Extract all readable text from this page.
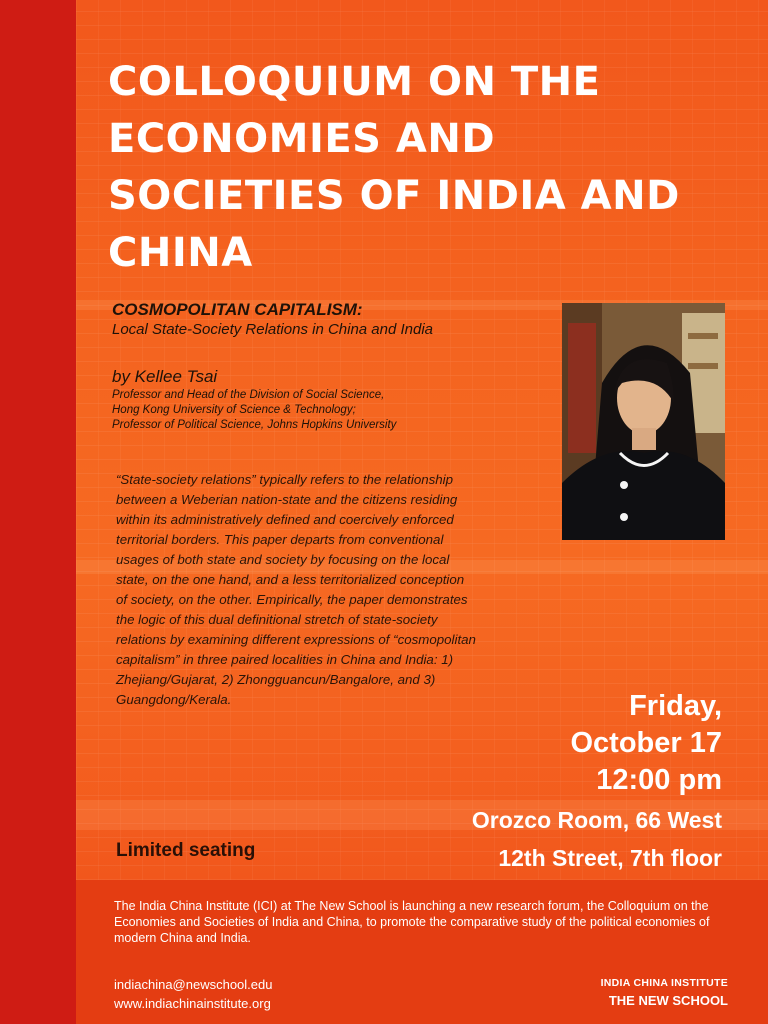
COLLOQUIUM ON THE ECONOMIES AND SOCIETIES OF INDIA AND CHINA
COSMOPOLITAN CAPITALISM:
Local State-Society Relations in China and India
by Kellee Tsai
Professor and Head of the Division of Social Science,
Hong Kong University of Science & Technology;
Professor of Political Science, Johns Hopkins University

“State-society relations” typically refers to the relationship between a Weberian nation-state and the citizens residing within its administratively defined and coercively enforced territorial borders. This paper departs from conventional usages of both state and society by focusing on the local state, on the one hand, and a less territorialized conception of society, on the other. Empirically, the paper demonstrates the logic of this dual definitional stretch of state-society relations by examining different expressions of “cosmopolitan capitalism” in three paired localities in China and India: 1) Zhejiang/Gujarat, 2) Zhongguancun/Bangalore, and 3) Guangdong/Kerala.	Friday,
October 17
12:00 pm
Orozco Room, 66 West
12th Street, 7th floor
Limited seating

The India China Institute (ICI) at The New School is launching a new research forum, the Colloquium on the Economies and Societies of India and China, to promote the comparative study of the political economies of modern China and India.

indiachina@newschool.edu
www.indiachinainstitute.org
INDIA CHINA INSTITUTE
THE NEW SCHOOL
